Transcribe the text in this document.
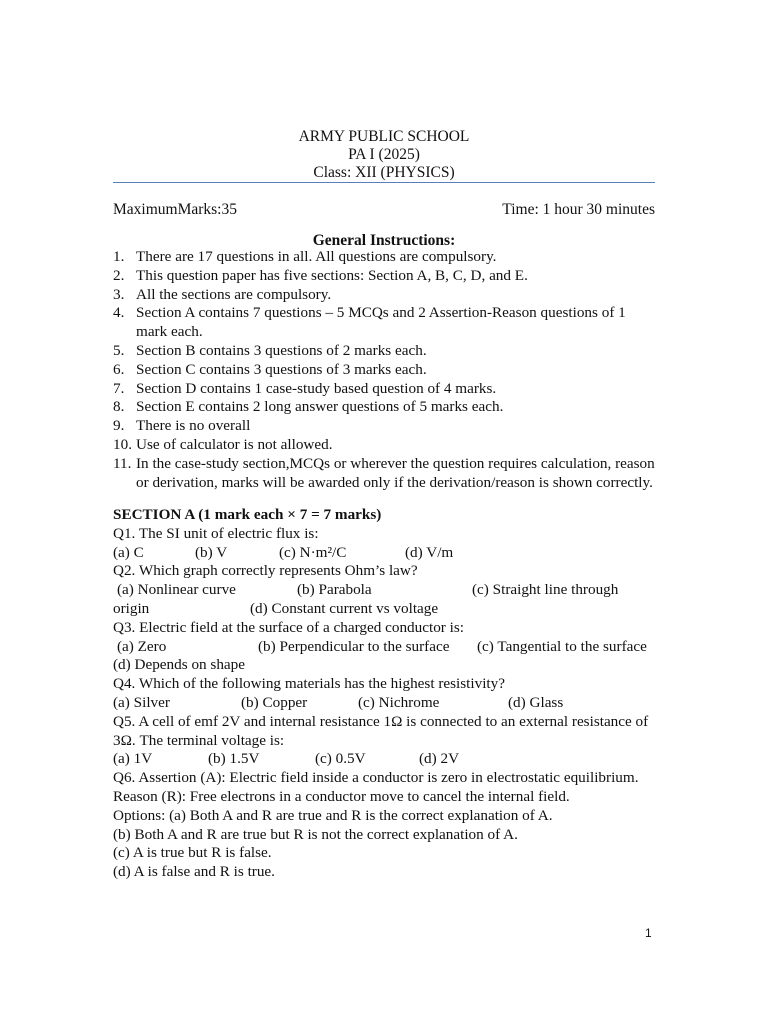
ARMY PUBLIC SCHOOL
PA I (2025)
Class: XII (PHYSICS)
MaximumMarks:35	Time: 1 hour 30 minutes
General Instructions:
1. There are 17 questions in all. All questions are compulsory.
2. This question paper has five sections: Section A, B, C, D, and E.
3. All the sections are compulsory.
4. Section A contains 7 questions – 5 MCQs and 2 Assertion-Reason questions of 1 mark each.
5. Section B contains 3 questions of 2 marks each.
6. Section C contains 3 questions of 3 marks each.
7. Section D contains 1 case-study based question of 4 marks.
8. Section E contains 2 long answer questions of 5 marks each.
9. There is no overall
10. Use of calculator is not allowed.
11. In the case-study section,MCQs or wherever the question requires calculation, reason or derivation, marks will be awarded only if the derivation/reason is shown correctly.
SECTION A (1 mark each × 7 = 7 marks)
Q1. The SI unit of electric flux is:
(a) C	(b) V	(c) N·m²/C	(d) V/m
Q2. Which graph correctly represents Ohm’s law?
(a) Nonlinear curve	(b) Parabola	(c) Straight line through
origin	(d) Constant current vs voltage
Q3. Electric field at the surface of a charged conductor is:
(a) Zero	(b) Perpendicular to the surface (c) Tangential to the surface
(d) Depends on shape
Q4. Which of the following materials has the highest resistivity?
(a) Silver	(b) Copper	(c) Nichrome	(d) Glass
Q5. A cell of emf 2V and internal resistance 1Ω is connected to an external resistance of
3Ω. The terminal voltage is:
(a) 1V	(b) 1.5V	(c) 0.5V	(d) 2V
Q6. Assertion (A): Electric field inside a conductor is zero in electrostatic equilibrium.
Reason (R): Free electrons in a conductor move to cancel the internal field.
Options: (a) Both A and R are true and R is the correct explanation of A.
(b) Both A and R are true but R is not the correct explanation of A.
(c) A is true but R is false.
(d) A is false and R is true.
1
